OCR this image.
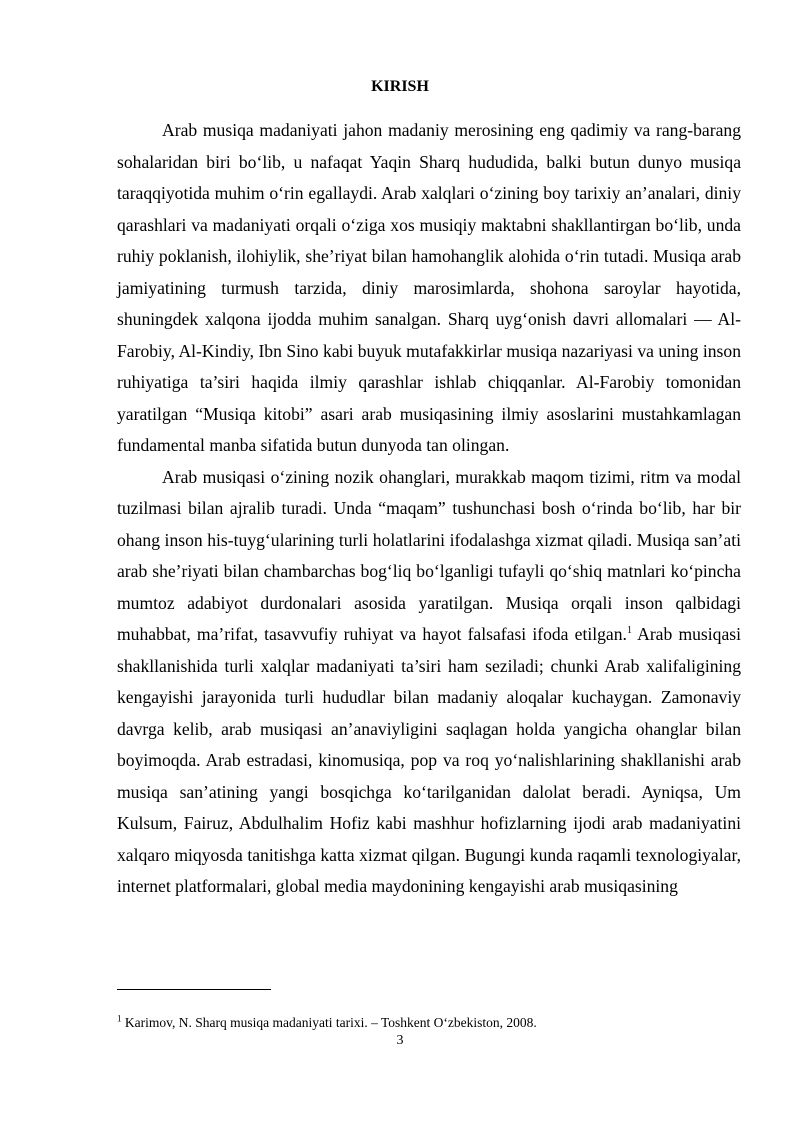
KIRISH

Arab musiqa madaniyati jahon madaniy merosining eng qadimiy va rang-barang sohalaridan biri bo‘lib, u nafaqat Yaqin Sharq hududida, balki butun dunyo musiqa taraqqiyotida muhim o‘rin egallaydi. Arab xalqlari o‘zining boy tarixiy an’analari, diniy qarashlari va madaniyati orqali o‘ziga xos musiqiy maktabni shakllantirgan bo‘lib, unda ruhiy poklanish, ilohiylik, she’riyat bilan hamohanglik alohida o‘rin tutadi. Musiqa arab jamiyatining turmush tarzida, diniy marosimlarda, shohona saroylar hayotida, shuningdek xalqona ijodda muhim sanalgan. Sharq uyg‘onish davri allomalari — Al-Farobiy, Al-Kindiy, Ibn Sino kabi buyuk mutafakkirlar musiqa nazariyasi va uning inson ruhiyatiga ta’siri haqida ilmiy qarashlar ishlab chiqqanlar. Al-Farobiy tomonidan yaratilgan “Musiqa kitobi” asari arab musiqasining ilmiy asoslarini mustahkamlagan fundamental manba sifatida butun dunyoda tan olingan.

Arab musiqasi o‘zining nozik ohanglari, murakkab maqom tizimi, ritm va modal tuzilmasi bilan ajralib turadi. Unda “maqam” tushunchasi bosh o‘rinda bo‘lib, har bir ohang inson his-tuyg‘ularining turli holatlarini ifodalashga xizmat qiladi. Musiqa san’ati arab she’riyati bilan chambarchas bog‘liq bo‘lganligi tufayli qo‘shiq matnlari ko‘pincha mumtoz adabiyot durdonalari asosida yaratilgan. Musiqa orqali inson qalbidagi muhabbat, ma’rifat, tasavvufiy ruhiyat va hayot falsafasi ifoda etilgan.$^1$ Arab musiqasi shakllanishida turli xalqlar madaniyati ta’siri ham seziladi; chunki Arab xalifaligining kengayishi jarayonida turli hududlar bilan madaniy aloqalar kuchaygan. Zamonaviy davrga kelib, arab musiqasi an’anaviyligini saqlagan holda yangicha ohanglar bilan boyimoqda. Arab estradasi, kinomusiqa, pop va roq yo‘nalishlarining shakllanishi arab musiqa san’atining yangi bosqichga ko‘tarilganidan dalolat beradi. Ayniqsa, Um Kulsum, Fairuz, Abdulhalim Hofiz kabi mashhur hofizlarning ijodi arab madaniyatini xalqaro miqyosda tanitishga katta xizmat qilgan. Bugungi kunda raqamli texnologiyalar, internet platformalari, global media maydonining kengayishi arab musiqasining

$^1$ Karimov, N. Sharq musiqa madaniyati tarixi. – Toshkent O‘zbekiston, 2008.
3
